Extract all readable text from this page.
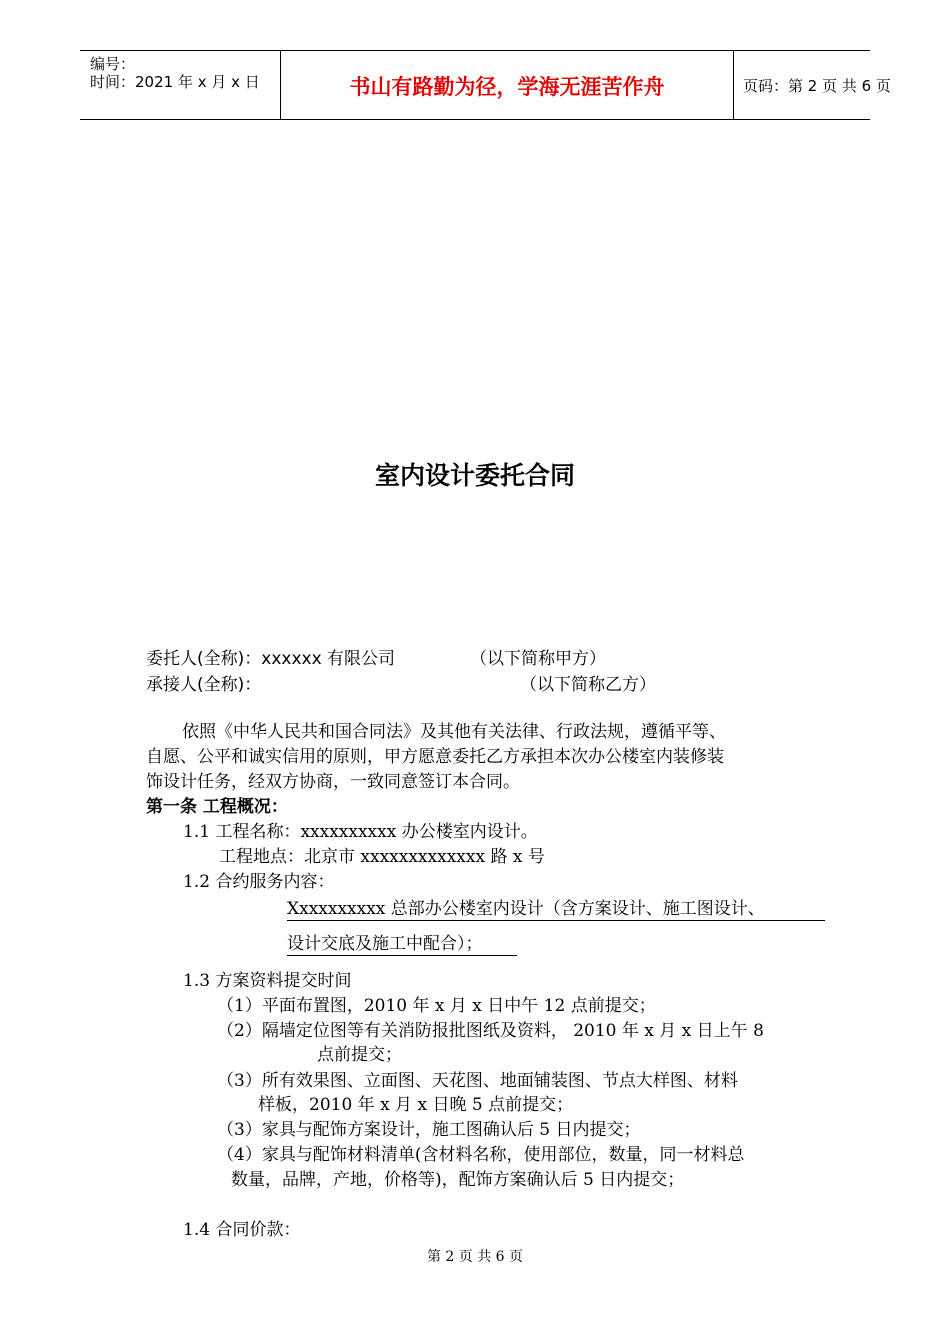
编号：
时间：2021 年 x 月 x 日	书山有路勤为径，学海无涯苦作舟	页码：第 2 页 共 6 页
室内设计委托合同
委托人(全称)：xxxxxx 有限公司	（以下简称甲方）
承接人(全称)：	（以下简称乙方）
依照《中华人民共和国合同法》及其他有关法律、行政法规，遵循平等、
自愿、公平和诚实信用的原则，甲方愿意委托乙方承担本次办公楼室内装修装
饰设计任务，经双方协商，一致同意签订本合同。
第一条 工程概况：
1.1 工程名称：xxxxxxxxxx 办公楼室内设计。
工程地点：北京市 xxxxxxxxxxxxx 路 x 号
1.2 合约服务内容：
Xxxxxxxxxx 总部办公楼室内设计（含方案设计、施工图设计、
设计交底及施工中配合）；
1.3 方案资料提交时间
（1）平面布置图，2010 年 x 月 x 日中午 12 点前提交；
（2）隔墙定位图等有关消防报批图纸及资料， 2010 年 x 月 x 日上午 8
点前提交；
（3）所有效果图、立面图、天花图、地面铺装图、节点大样图、材料
样板，2010 年 x 月 x 日晚 5 点前提交；
（3）家具与配饰方案设计，施工图确认后 5 日内提交；
（4）家具与配饰材料清单(含材料名称，使用部位，数量，同一材料总
数量，品牌，产地，价格等)，配饰方案确认后 5 日内提交；
1.4 合同价款：
第 2 页 共 6 页
